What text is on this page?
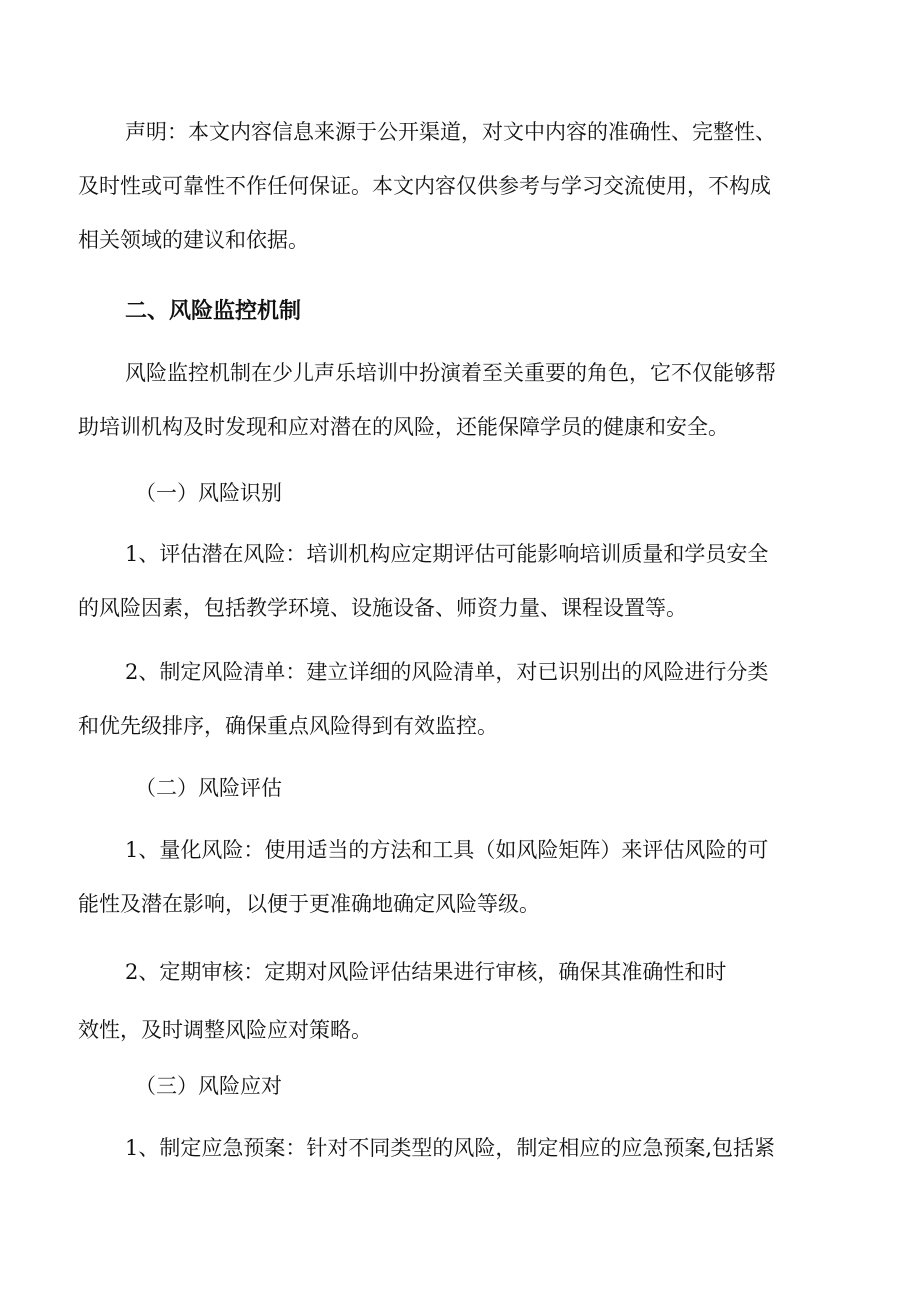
声明：本文内容信息来源于公开渠道，对文中内容的准确性、完整性、
及时性或可靠性不作任何保证。本文内容仅供参考与学习交流使用，不构成
相关领域的建议和依据。
二、风险监控机制
风险监控机制在少儿声乐培训中扮演着至关重要的角色，它不仅能够帮
助培训机构及时发现和应对潜在的风险，还能保障学员的健康和安全。
（一）风险识别
1、评估潜在风险：培训机构应定期评估可能影响培训质量和学员安全
的风险因素，包括教学环境、设施设备、师资力量、课程设置等。
2、制定风险清单：建立详细的风险清单，对已识别出的风险进行分类
和优先级排序，确保重点风险得到有效监控。
（二）风险评估
1、量化风险：使用适当的方法和工具（如风险矩阵）来评估风险的可
能性及潜在影响，以便于更准确地确定风险等级。
2、定期审核：定期对风险评估结果进行审核，确保其准确性和时
效性，及时调整风险应对策略。
（三）风险应对
1、制定应急预案：针对不同类型的风险，制定相应的应急预案,包括紧
